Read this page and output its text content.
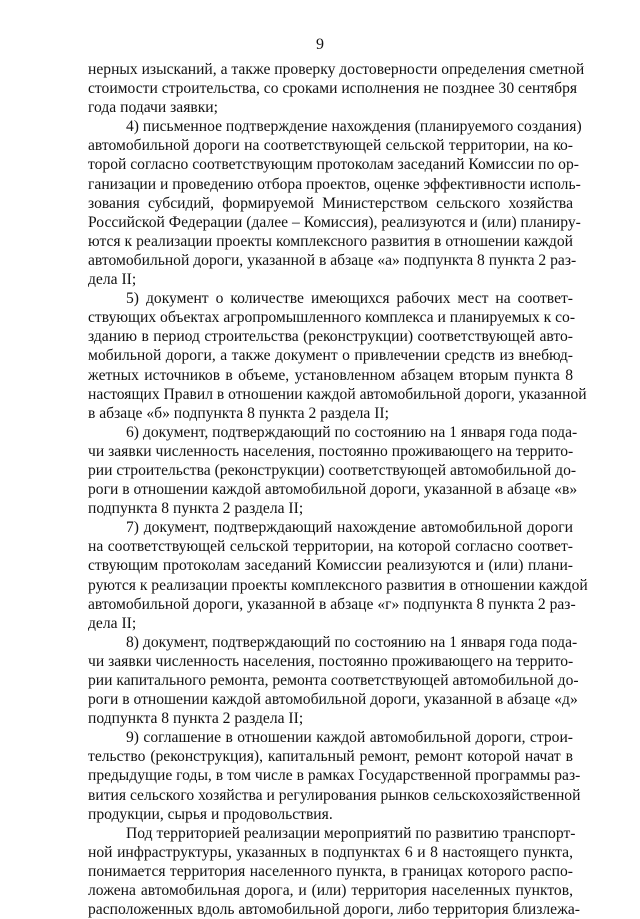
9
нерных изысканий, а также проверку достоверности определения сметной
стоимости строительства, со сроками исполнения не позднее 30 сентября
года подачи заявки;
4) письменное подтверждение нахождения (планируемого создания)
автомобильной дороги на соответствующей сельской территории, на ко-
торой согласно соответствующим протоколам заседаний Комиссии по ор-
ганизации и проведению отбора проектов, оценке эффективности исполь-
зования субсидий, формируемой Министерством сельского хозяйства
Российской Федерации (далее – Комиссия), реализуются и (или) планиру-
ются к реализации проекты комплексного развития в отношении каждой
автомобильной дороги, указанной в абзаце «а» подпункта 8 пункта 2 раз-
дела II;
5) документ о количестве имеющихся рабочих мест на соответ-
ствующих объектах агропромышленного комплекса и планируемых к со-
зданию в период строительства (реконструкции) соответствующей авто-
мобильной дороги, а также документ о привлечении средств из внебюд-
жетных источников в объеме, установленном абзацем вторым пункта 8
настоящих Правил в отношении каждой автомобильной дороги, указанной
в абзаце «б» подпункта 8 пункта 2 раздела II;
6) документ, подтверждающий по состоянию на 1 января года пода-
чи заявки численность населения, постоянно проживающего на террито-
рии строительства (реконструкции) соответствующей автомобильной до-
роги в отношении каждой автомобильной дороги, указанной в абзаце «в»
подпункта 8 пункта 2 раздела II;
7) документ, подтверждающий нахождение автомобильной дороги
на соответствующей сельской территории, на которой согласно соответ-
ствующим протоколам заседаний Комиссии реализуются и (или) плани-
руются к реализации проекты комплексного развития в отношении каждой
автомобильной дороги, указанной в абзаце «г» подпункта 8 пункта 2 раз-
дела II;
8) документ, подтверждающий по состоянию на 1 января года пода-
чи заявки численность населения, постоянно проживающего на террито-
рии капитального ремонта, ремонта соответствующей автомобильной до-
роги в отношении каждой автомобильной дороги, указанной в абзаце «д»
подпункта 8 пункта 2 раздела II;
9) соглашение в отношении каждой автомобильной дороги, строи-
тельство (реконструкция), капитальный ремонт, ремонт которой начат в
предыдущие годы, в том числе в рамках Государственной программы раз-
вития сельского хозяйства и регулирования рынков сельскохозяйственной
продукции, сырья и продовольствия.
Под территорией реализации мероприятий по развитию транспорт-
ной инфраструктуры, указанных в подпунктах 6 и 8 настоящего пункта,
понимается территория населенного пункта, в границах которого распо-
ложена автомобильная дорога, и (или) территория населенных пунктов,
расположенных вдоль автомобильной дороги, либо территория близлежа-
